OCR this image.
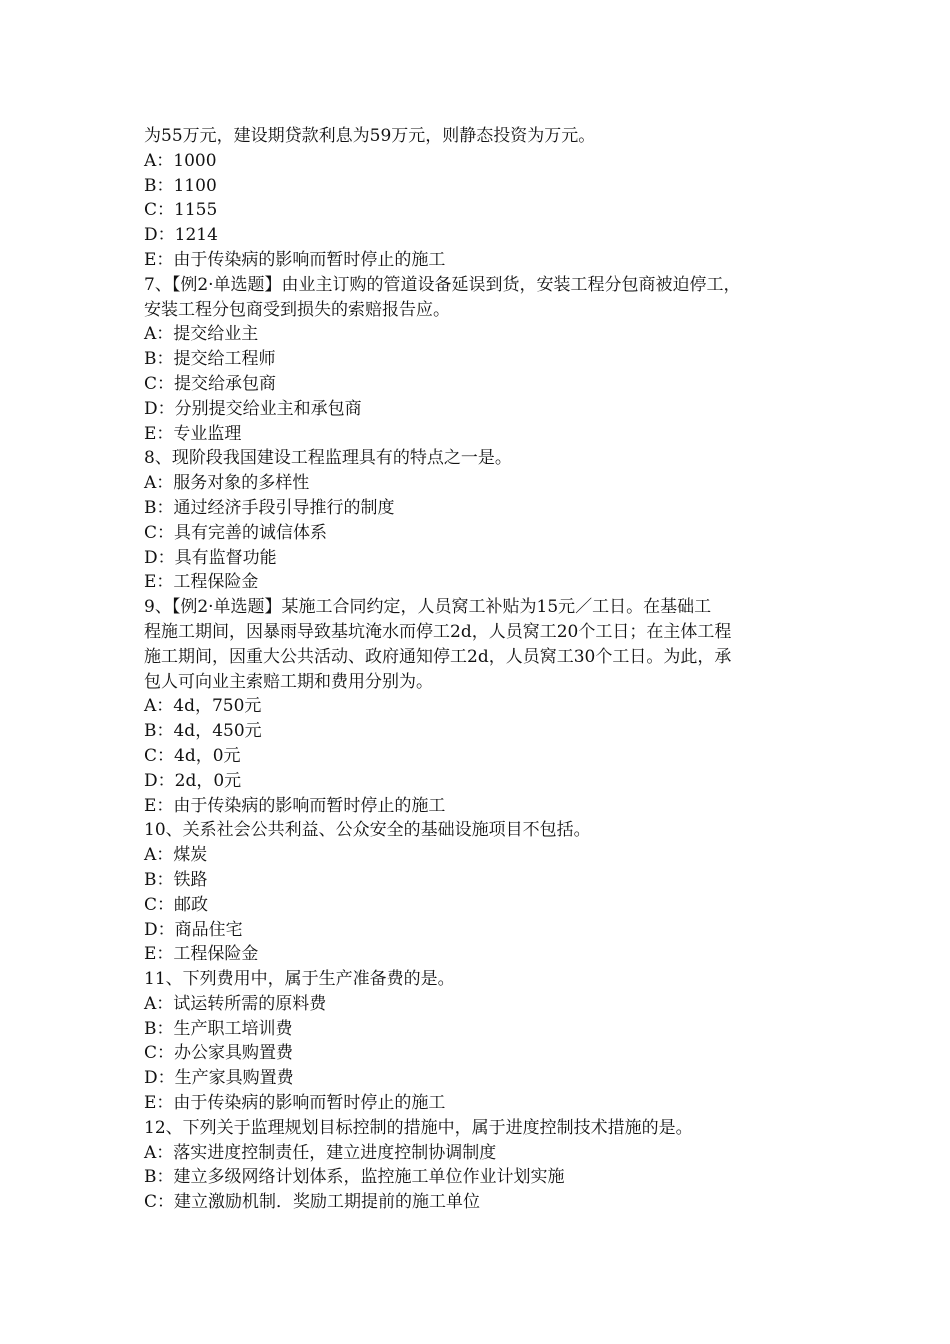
为55万元，建设期贷款利息为59万元，则静态投资为万元。
A：1000
B：1100
C：1155
D：1214
E：由于传染病的影响而暂时停止的施工
7、【例2·单选题】由业主订购的管道设备延误到货，安装工程分包商被迫停工，
安装工程分包商受到损失的索赔报告应。
A：提交给业主
B：提交给工程师
C：提交给承包商
D：分别提交给业主和承包商
E：专业监理
8、现阶段我国建设工程监理具有的特点之一是。
A：服务对象的多样性
B：通过经济手段引导推行的制度
C：具有完善的诚信体系
D：具有监督功能
E：工程保险金
9、【例2·单选题】某施工合同约定，人员窝工补贴为15元／工日。在基础工
程施工期间，因暴雨导致基坑淹水而停工2d，人员窝工20个工日；在主体工程
施工期间，因重大公共活动、政府通知停工2d，人员窝工30个工日。为此，承
包人可向业主索赔工期和费用分别为。
A：4d，750元
B：4d，450元
C：4d，0元
D：2d，0元
E：由于传染病的影响而暂时停止的施工
10、关系社会公共利益、公众安全的基础设施项目不包括。
A：煤炭
B：铁路
C：邮政
D：商品住宅
E：工程保险金
11、下列费用中，属于生产准备费的是。
A：试运转所需的原料费
B：生产职工培训费
C：办公家具购置费
D：生产家具购置费
E：由于传染病的影响而暂时停止的施工
12、下列关于监理规划目标控制的措施中，属于进度控制技术措施的是。
A：落实进度控制责任，建立进度控制协调制度
B：建立多级网络计划体系，监控施工单位作业计划实施
C：建立激励机制．奖励工期提前的施工单位
